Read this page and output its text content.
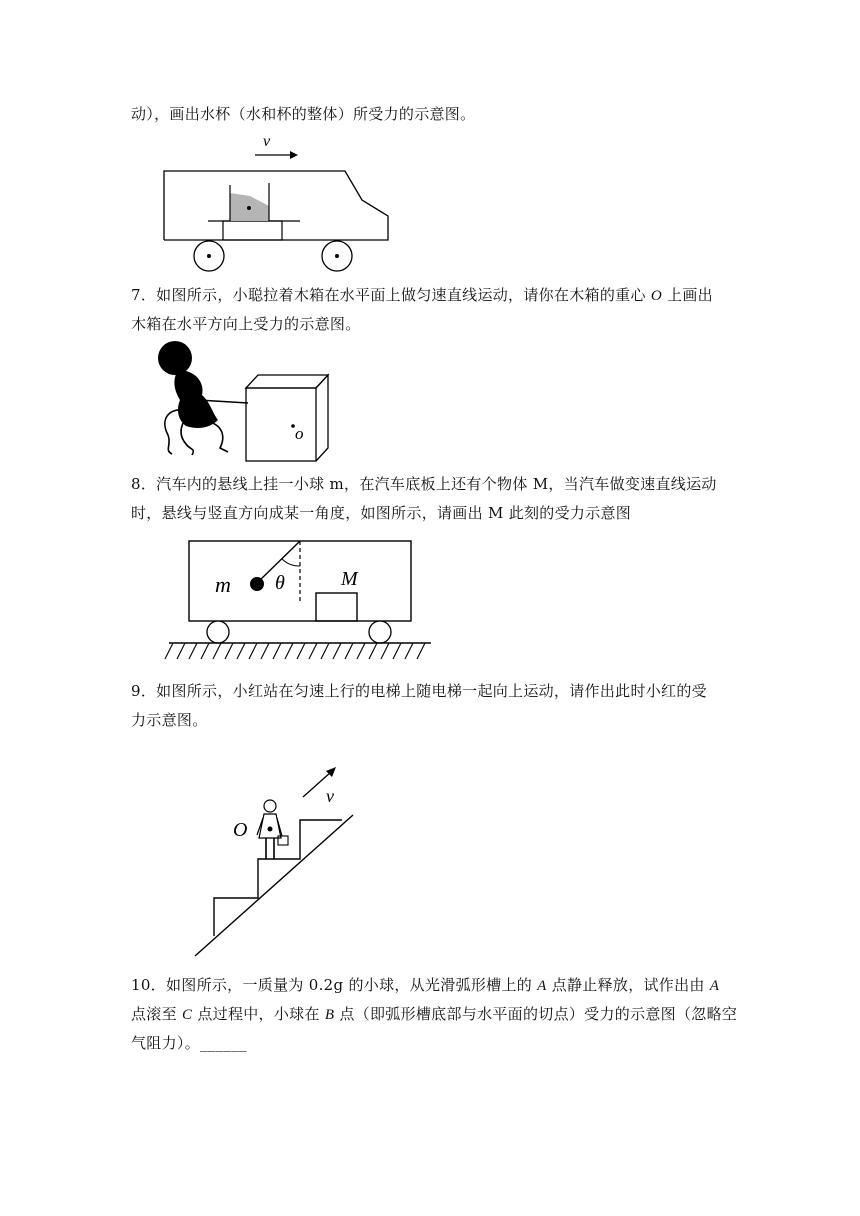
动），画出水杯（水和杯的整体）所受力的示意图。
v
7．如图所示，小聪拉着木箱在水平面上做匀速直线运动，请你在木箱的重心 O 上画出
木箱在水平方向上受力的示意图。
o
8．汽车内的悬线上挂一小球 m，在汽车底板上还有个物体 M，当汽车做变速直线运动
时，悬线与竖直方向成某一角度，如图所示，请画出 M 此刻的受力示意图
m θ	M
9．如图所示，小红站在匀速上行的电梯上随电梯一起向上运动，请作出此时小红的受
力示意图。
v
O
10．如图所示，一质量为 0.2g 的小球，从光滑弧形槽上的 A 点静止释放，试作出由 A
点滚至 C 点过程中，小球在 B 点（即弧形槽底部与水平面的切点）受力的示意图（忽略空
气阻力）。______
